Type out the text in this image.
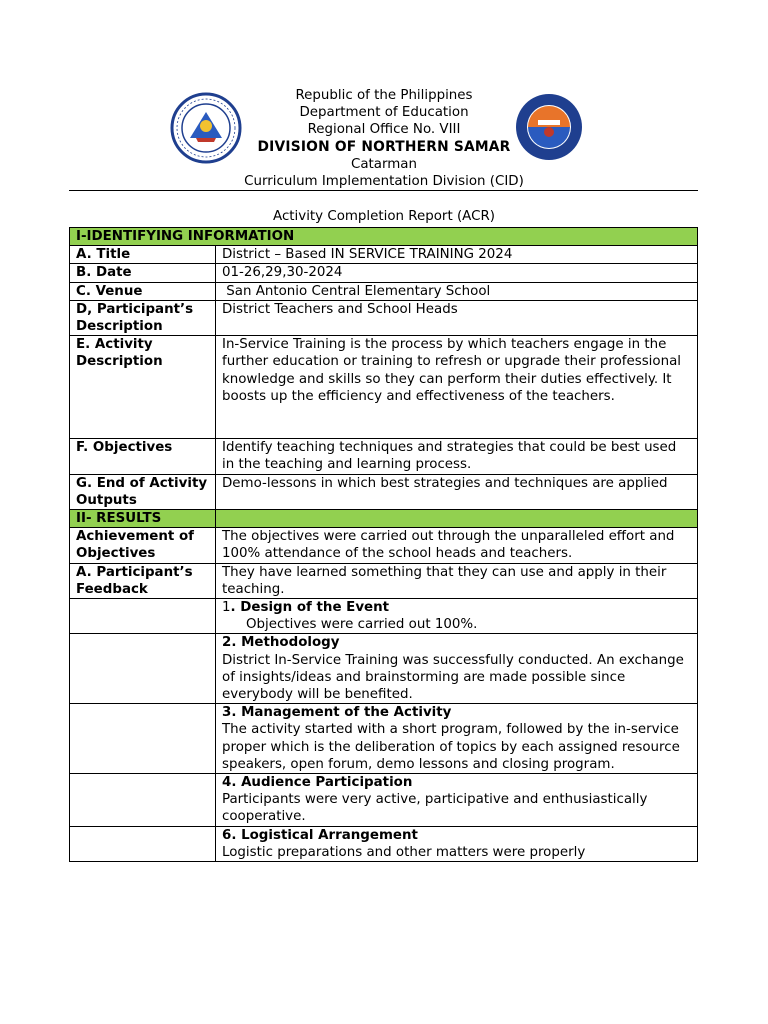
Republic of the Philippines
Department of Education
Regional Office No. VIII
DIVISION OF NORTHERN SAMAR
Catarman
Curriculum Implementation Division (CID)
Activity Completion Report (ACR)
I-IDENTIFYING INFORMATION	
A. Title	District – Based IN SERVICE TRAINING 2024
B. Date	01-26,29,30-2024
C. Venue	San Antonio Central Elementary School
D, Participant’s Description	District Teachers and School Heads
E. Activity Description	In-Service Training is the process by which teachers engage in the further education or training to refresh or upgrade their professional knowledge and skills so they can perform their duties effectively. It boosts up the efficiency and effectiveness of the teachers.
F. Objectives	Identify teaching techniques and strategies that could be best used in the teaching and learning process.
G. End of Activity Outputs	Demo-lessons in which best strategies and techniques are applied
II- RESULTS	
Achievement of Objectives	The objectives were carried out through the unparalleled effort and 100% attendance of the school heads and teachers.
A. Participant’s Feedback	They have learned something that they can use and apply in their teaching.

	1. Design of the Event
Objectives were carried out 100%.

	2. Methodology
District In-Service Training was successfully conducted. An exchange of insights/ideas and brainstorming are made possible since everybody will be benefited.

	3. Management of the Activity
The activity started with a short program, followed by the in-service proper which is the deliberation of topics by each assigned resource speakers, open forum, demo lessons and closing program.

	4. Audience Participation
Participants were very active, participative and enthusiastically cooperative.

	6. Logistical Arrangement
Logistic preparations and other matters were properly
